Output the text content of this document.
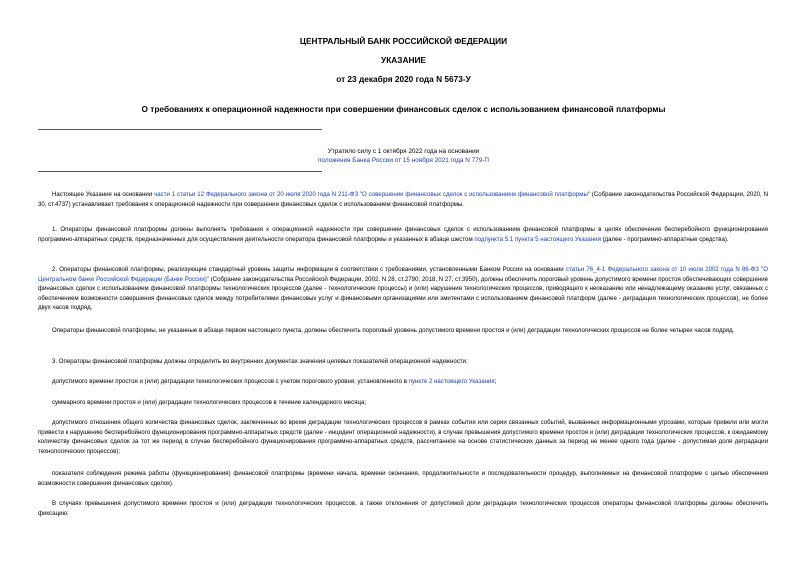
ЦЕНТРАЛЬНЫЙ БАНК РОССИЙСКОЙ ФЕДЕРАЦИИ
УКАЗАНИЕ
от 23 декабря 2020 года N 5673-У
О требованиях к операционной надежности при совершении финансовых сделок с использованием финансовой платформы
Утратило силу с 1 октября 2022 года на основании
положения Банка России от 15 ноября 2021 года N 779-П
Настоящее Указание на основании части 1 статьи 12 Федерального закона от 20 июля 2020 года N 211-ФЗ "О совершении финансовых сделок с использованием финансовой платформы" (Собрание законодательства Российской Федерации, 2020, N 30, ст.4737) устанавливает требования к операционной надежности при совершении финансовых сделок с использованием финансовой платформы.
1. Операторы финансовой платформы должны выполнять требования к операционной надежности при совершении финансовых сделок с использованием финансовой платформы в целях обеспечения бесперебойного функционирования программно-аппаратных средств, предназначенных для осуществления деятельности оператора финансовой платформы и указанных в абзаце шестом подпункта 5.1 пункта 5 настоящего Указания (далее - программно-аппаратные средства).
2. Операторы финансовой платформы, реализующие стандартный уровень защиты информации в соответствии с требованиями, установленными Банком России на основании статьи 76_4-1 Федерального закона от 10 июля 2002 года N 86-ФЗ "О Центральном банке Российской Федерации (Банке России)" (Собрание законодательства Российской Федерации, 2002, N 28, ст.2790; 2018, N 27, ст.3950), должны обеспечить пороговый уровень допустимого времени простоя обеспечивающих совершение финансовых сделок с использованием финансовой платформы технологических процессов (далее - технологические процессы) и (или) нарушения технологических процессов, приводящего к неоказанию или ненадлежащему оказанию услуг, связанных с обеспечением возможности совершения финансовых сделок между потребителями финансовых услуг и финансовыми организациями или эмитентами с использованием финансовой платформ (далее - деградация технологических процессов), не более двух часов подряд.
Операторы финансовой платформы, не указанные в абзаце первом настоящего пункта, должны обеспечить пороговый уровень допустимого времени простоя и (или) деградации технологических процессов не более четырех часов подряд.
3. Операторы финансовой платформы должны определить во внутренних документах значения целевых показателей операционной надежности:
допустимого времени простоя и (или) деградации технологических процессов с учетом порогового уровня, установленного в пункте 2 настоящего Указания;
суммарного времени простоя и (или) деградации технологических процессов в течение календарного месяца;
допустимого отношения общего количества финансовых сделок, заключенных во время деградации технологических процессов в рамках события или серии связанных событий, вызванных информационными угрозами, которые привели или могли привести к нарушению бесперебойного функционирования программно-аппаратных средств (далее - инцидент операционной надежности), в случае превышения допустимого времени простоя и (или) деградации технологических процессов, к ожидаемому количеству финансовых сделок за тот же период в случае бесперебойного функционирования программно-аппаратных средств, рассчитанное на основе статистических данных за период не менее одного года (далее - допустимая доля деградации технологических процессов);
показателя соблюдения режима работы (функционирования) финансовой платформы (времени начала, времени окончания, продолжительности и последовательности процедур, выполняемых на финансовой платформе с целью обеспечения возможности совершения финансовых сделок).
В случаях превышения допустимого времени простоя и (или) деградации технологических процессов, а также отклонения от допустимой доли деградации технологических процессов операторы финансовой платформы должны обеспечить фиксацию:
